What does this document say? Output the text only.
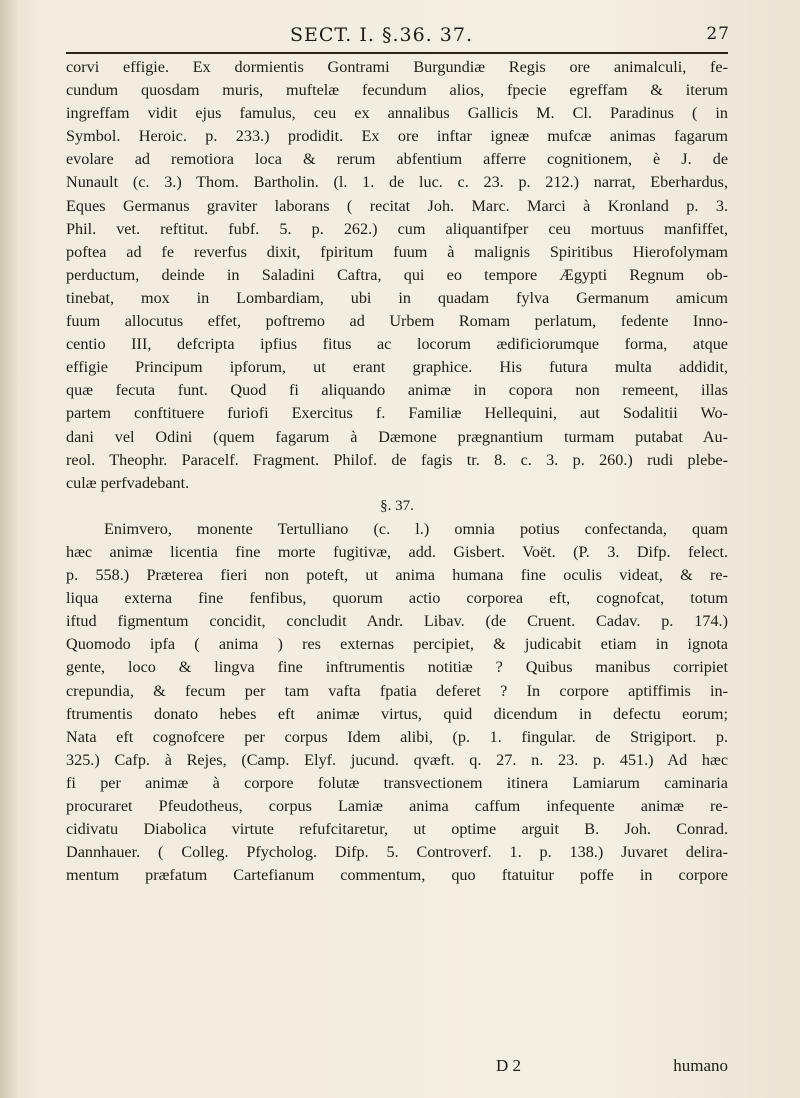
SECT. I. §.36. 37.	27
corvi effigie. Ex dormientis Gontrami Burgundiæ Regis ore animalculi, fe-
cundum quosdam muris, muftelæ fecundum alios, fpecie egreffam & iterum
ingreffam vidit ejus famulus, ceu ex annalibus Gallicis M. Cl. Paradinus ( in
Symbol. Heroic. p. 233.) prodidit. Ex ore inftar igneæ mufcæ animas fagarum
evolare ad remotiora loca & rerum abfentium afferre cognitionem, è J. de
Nunault (c. 3.) Thom. Bartholin. (l. 1. de luc. c. 23. p. 212.) narrat, Eberhardus,
Eques Germanus graviter laborans ( recitat Joh. Marc. Marci à Kronland p. 3.
Phil. vet. reftitut. fubf. 5. p. 262.) cum aliquantifper ceu mortuus manfiffet,
poftea ad fe reverfus dixit, fpiritum fuum à malignis Spiritibus Hierofolymam
perductum, deinde in Saladini Caftra, qui eo tempore Ægypti Regnum ob-
tinebat, mox in Lombardiam, ubi in quadam fylva Germanum amicum
fuum allocutus effet, poftremo ad Urbem Romam perlatum, fedente Inno-
centio III, defcripta ipfius fitus ac locorum ædificiorumque forma, atque
effigie Principum ipforum, ut erant graphice. His futura multa addidit,
quæ fecuta funt. Quod fi aliquando animæ in copora non remeent, illas
partem conftituere furiofi Exercitus f. Familiæ Hellequini, aut Sodalitii Wo-
dani vel Odini (quem fagarum à Dæmone prægnantium turmam putabat Au-
reol. Theophr. Paracelf. Fragment. Philof. de fagis tr. 8. c. 3. p. 260.) rudi plebe-
culæ perfvadebant.
§. 37.
Enimvero, monente Tertulliano (c. l.) omnia potius confectanda, quam
hæc animæ licentia fine morte fugitivæ, add. Gisbert. Voët. (P. 3. Difp. felect.
p. 558.) Præterea fieri non poteft, ut anima humana fine oculis videat, & re-
liqua externa fine fenfibus, quorum actio corporea eft, cognofcat, totum
iftud figmentum concidit, concludit Andr. Libav. (de Cruent. Cadav. p. 174.)
Quomodo ipfa ( anima ) res externas percipiet, & judicabit etiam in ignota
gente, loco & lingva fine inftrumentis notitiæ ? Quibus manibus corripiet
crepundia, & fecum per tam vafta fpatia deferet ? In corpore aptiffimis in-
ftrumentis donato hebes eft animæ virtus, quid dicendum in defectu eorum;
Nata eft cognofcere per corpus Idem alibi, (p. 1. fingular. de Strigiport. p.
325.) Cafp. à Rejes, (Camp. Elyf. jucund. qvæft. q. 27. n. 23. p. 451.) Ad hæc
fi per animæ à corpore folutæ transvectionem itinera Lamiarum caminaria
procuraret Pfeudotheus, corpus Lamiæ anima caffum infequente animæ re-
cidivatu Diabolica virtute refufcitaretur, ut optime arguit B. Joh. Conrad.
Dannhauer. ( Colleg. Pfycholog. Difp. 5. Controverf. 1. p. 138.) Juvaret delira-
mentum præfatum Cartefianum commentum, quo ftatuitur poffe in corpore
D 2	humano
